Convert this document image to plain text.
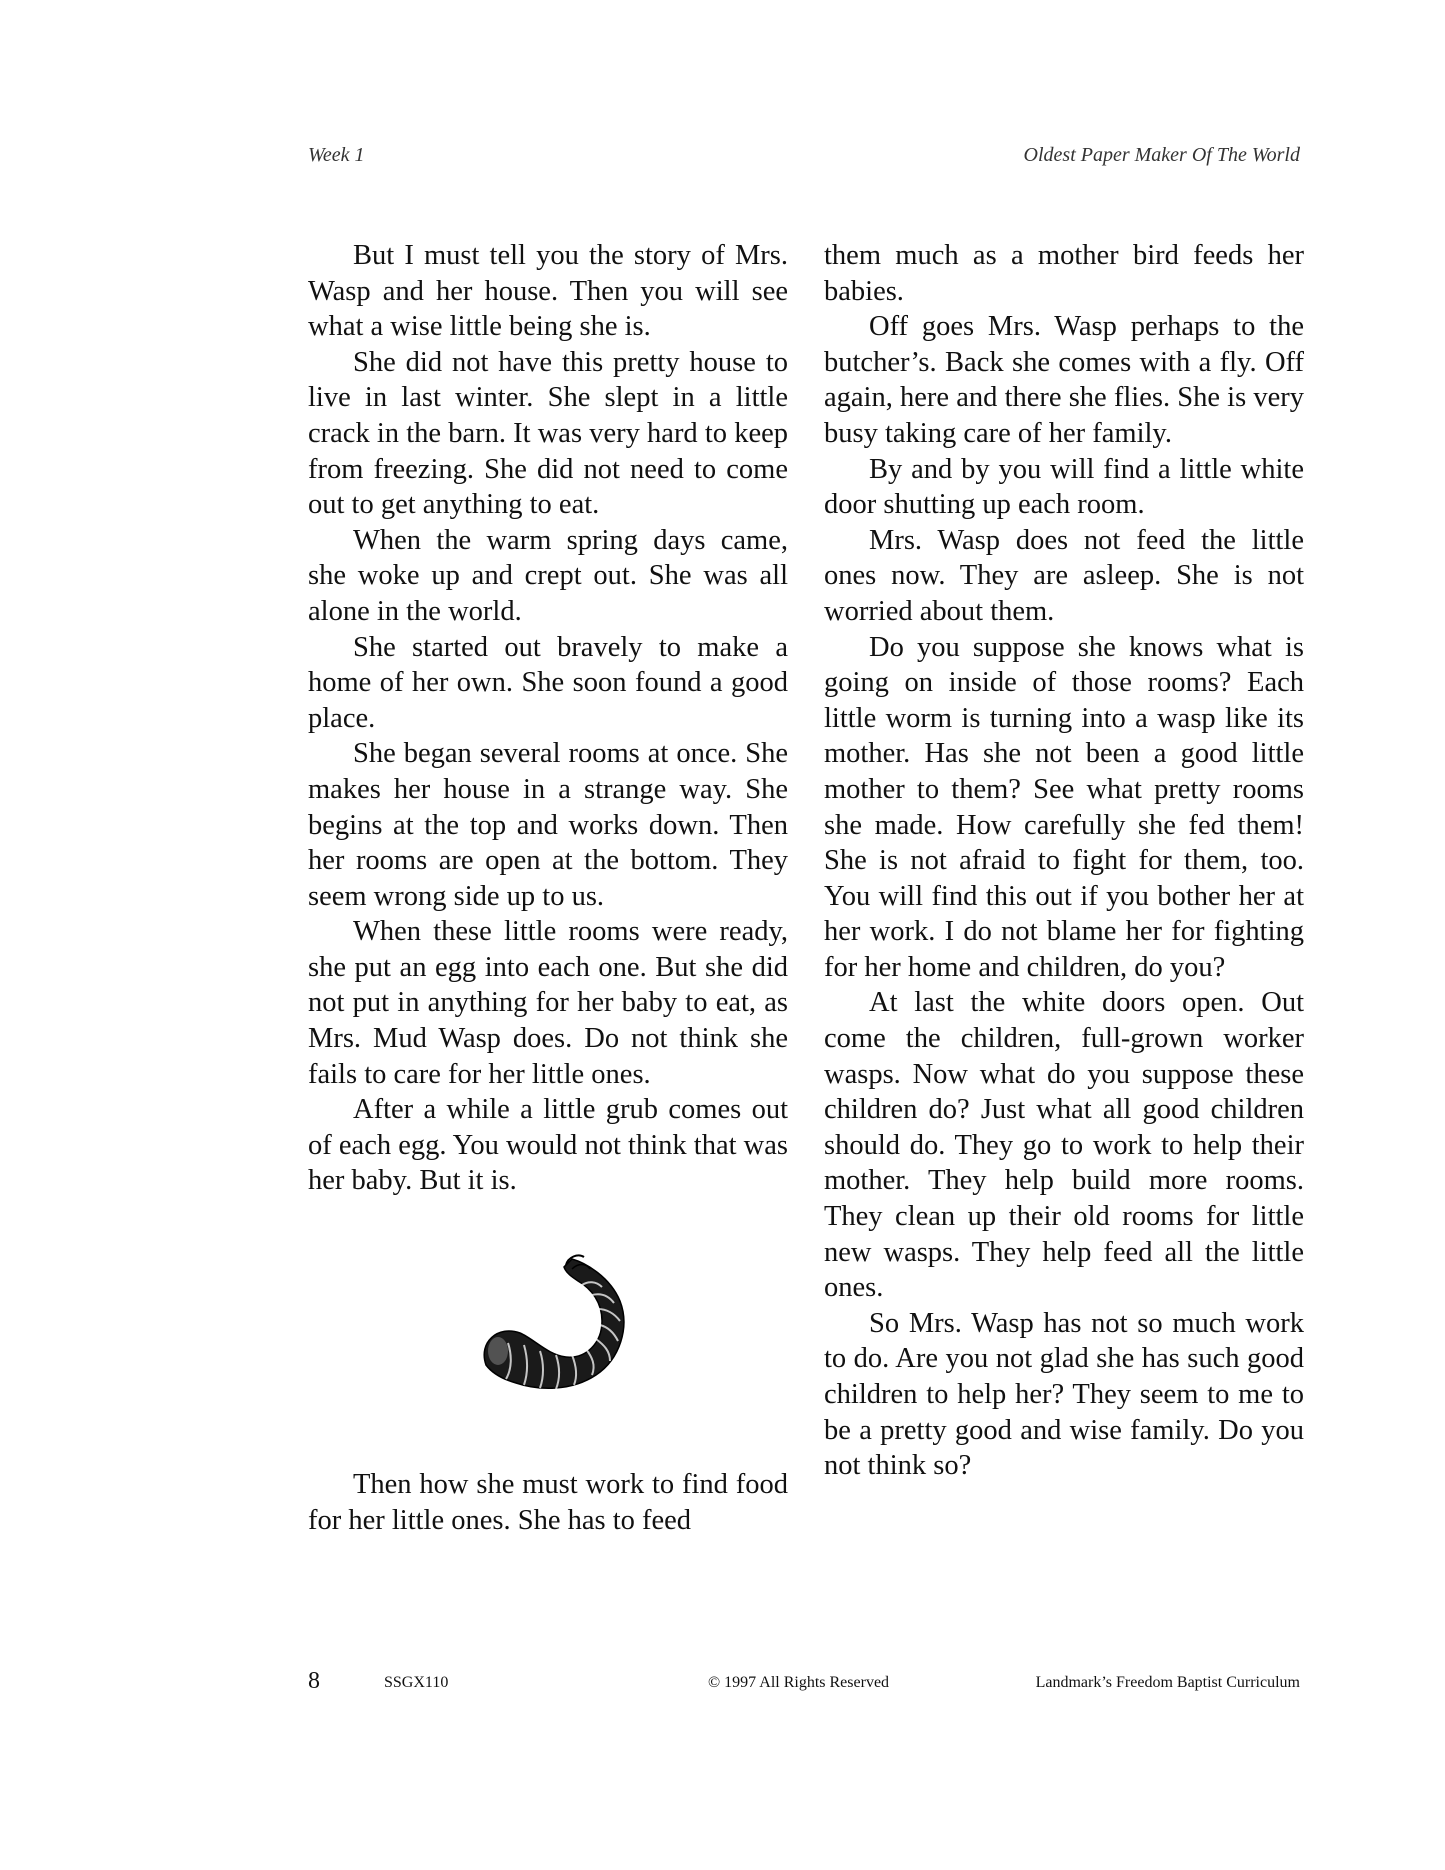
Week 1	Oldest Paper Maker Of The World

But I must tell you the story of Mrs. Wasp and her house. Then you will see what a wise little being she is.

She did not have this pretty house to live in last winter. She slept in a little crack in the barn. It was very hard to keep from freezing. She did not need to come out to get anything to eat.

When the warm spring days came, she woke up and crept out. She was all alone in the world.

She started out bravely to make a home of her own. She soon found a good place.

She began several rooms at once. She makes her house in a strange way. She begins at the top and works down. Then her rooms are open at the bottom. They seem wrong side up to us.

When these little rooms were ready, she put an egg into each one. But she did not put in anything for her baby to eat, as Mrs. Mud Wasp does. Do not think she fails to care for her little ones.

After a while a little grub comes out of each egg. You would not think that was her baby. But it is.

Then how she must work to find food for her little ones. She has to feed

them much as a mother bird feeds her babies.

Off goes Mrs. Wasp perhaps to the butcher’s. Back she comes with a fly. Off again, here and there she flies. She is very busy taking care of her family.

By and by you will find a little white door shutting up each room.

Mrs. Wasp does not feed the little ones now. They are asleep. She is not worried about them.

Do you suppose she knows what is going on inside of those rooms? Each little worm is turning into a wasp like its mother. Has she not been a good little mother to them? See what pretty rooms she made. How carefully she fed them! She is not afraid to fight for them, too. You will find this out if you bother her at her work. I do not blame her for fighting for her home and children, do you?

At last the white doors open. Out come the children, full-grown worker wasps. Now what do you suppose these children do? Just what all good children should do. They go to work to help their mother. They help build more rooms. They clean up their old rooms for little new wasps. They help feed all the little ones.

So Mrs. Wasp has not so much work to do. Are you not glad she has such good children to help her? They seem to me to be a pretty good and wise family. Do you not think so?

8	SSGX110	© 1997 All Rights Reserved	Landmark’s Freedom Baptist Curriculum
